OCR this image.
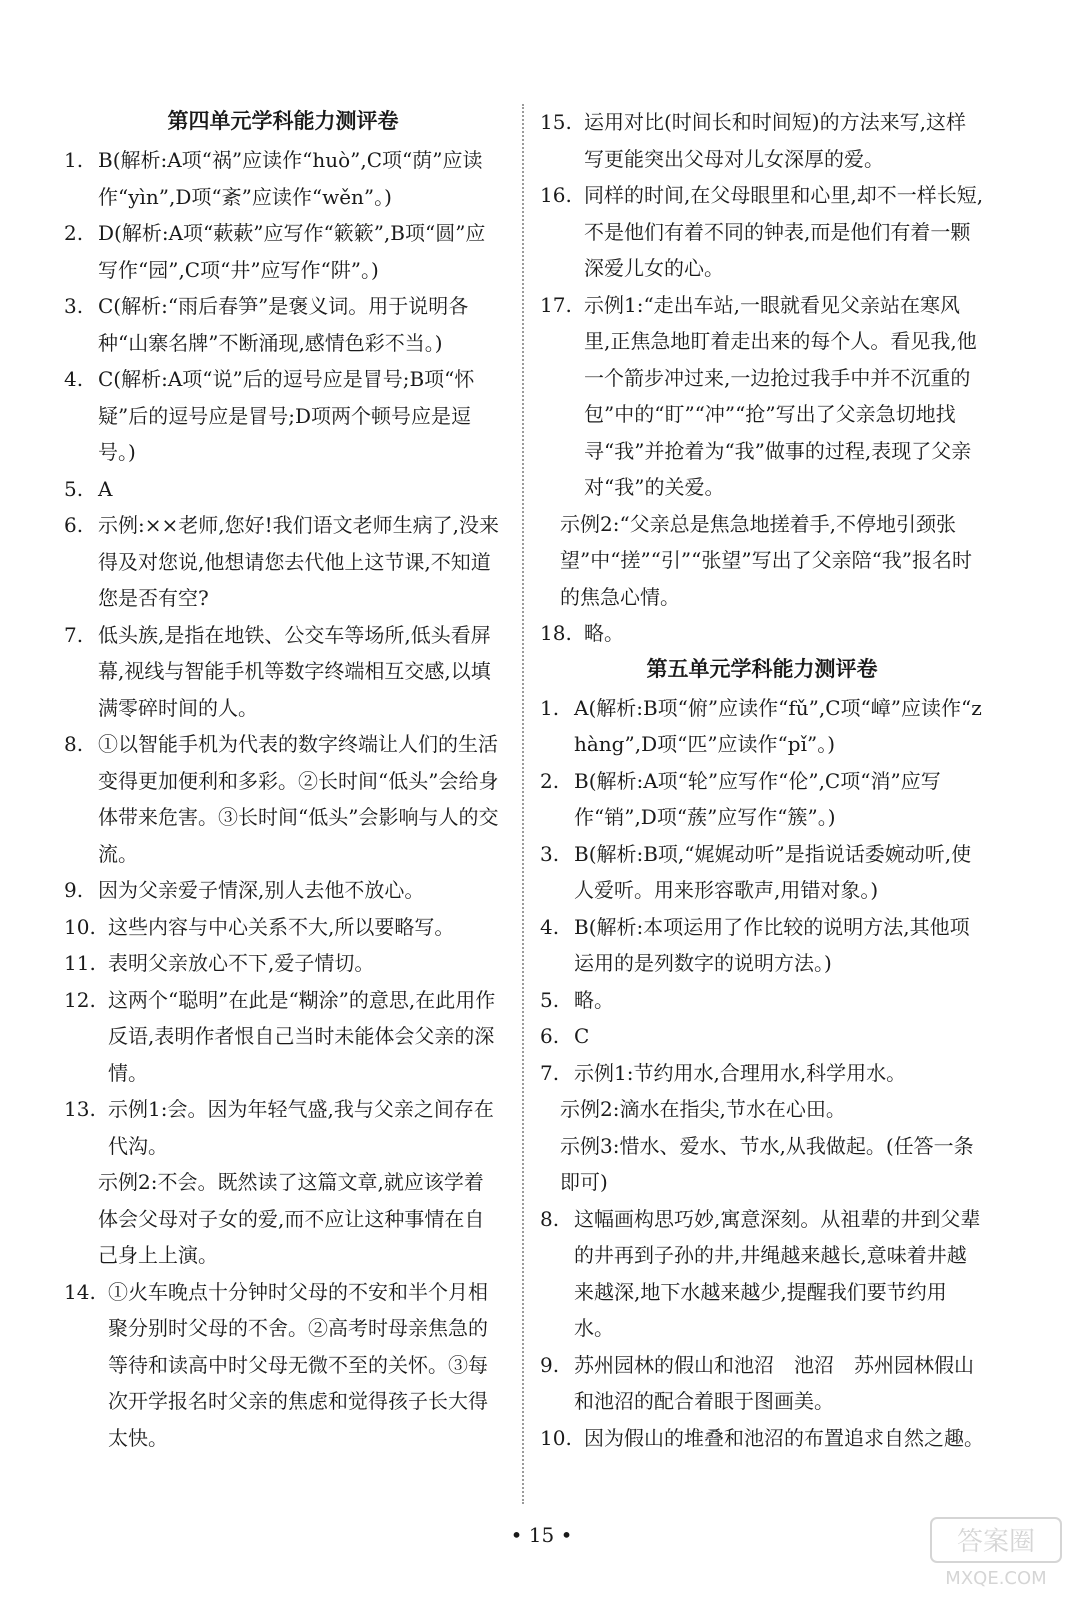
第四单元学科能力测评卷
1. B(解析:A项“祸”应读作“huò”,C项“荫”应读作“yìn”,D项“紊”应读作“wěn”。)
2. D(解析:A项“蔌蔌”应写作“簌簌”,B项“圆”应写作“园”,C项“井”应写作“阱”。)
3. C(解析:“雨后春笋”是褒义词。用于说明各种“山寨名牌”不断涌现,感情色彩不当。)
4. C(解析:A项“说”后的逗号应是冒号;B项“怀疑”后的逗号应是冒号;D项两个顿号应是逗号。)
5. A
6. 示例:××老师,您好!我们语文老师生病了,没来得及对您说,他想请您去代他上这节课,不知道您是否有空?
7. 低头族,是指在地铁、公交车等场所,低头看屏幕,视线与智能手机等数字终端相互交感,以填满零碎时间的人。
8. ①以智能手机为代表的数字终端让人们的生活变得更加便利和多彩。②长时间“低头”会给身体带来危害。③长时间“低头”会影响与人的交流。
9. 因为父亲爱子情深,别人去他不放心。
10. 这些内容与中心关系不大,所以要略写。
11. 表明父亲放心不下,爱子情切。
12. 这两个“聪明”在此是“糊涂”的意思,在此用作反语,表明作者恨自己当时未能体会父亲的深情。
13. 示例1:会。因为年轻气盛,我与父亲之间存在代沟。
示例2:不会。既然读了这篇文章,就应该学着体会父母对子女的爱,而不应让这种事情在自己身上上演。
14. ①火车晚点十分钟时父母的不安和半个月相聚分别时父母的不舍。②高考时母亲焦急的等待和读高中时父母无微不至的关怀。③每次开学报名时父亲的焦虑和觉得孩子长大得太快。
15. 运用对比(时间长和时间短)的方法来写,这样写更能突出父母对儿女深厚的爱。
16. 同样的时间,在父母眼里和心里,却不一样长短,不是他们有着不同的钟表,而是他们有着一颗深爱儿女的心。
17. 示例1:“走出车站,一眼就看见父亲站在寒风里,正焦急地盯着走出来的每个人。看见我,他一个箭步冲过来,一边抢过我手中并不沉重的包”中的“盯”“冲”“抢”写出了父亲急切地找寻“我”并抢着为“我”做事的过程,表现了父亲对“我”的关爱。
示例2:“父亲总是焦急地搓着手,不停地引颈张望”中“搓”“引”“张望”写出了父亲陪“我”报名时的焦急心情。
18. 略。
第五单元学科能力测评卷
1. A(解析:B项“俯”应读作“fǔ”,C项“嶂”应读作“zhàng”,D项“匹”应读作“pǐ”。)
2. B(解析:A项“轮”应写作“伦”,C项“消”应写作“销”,D项“蔟”应写作“簇”。)
3. B(解析:B项,“娓娓动听”是指说话委婉动听,使人爱听。用来形容歌声,用错对象。)
4. B(解析:本项运用了作比较的说明方法,其他项运用的是列数字的说明方法。)
5. 略。
6. C
7. 示例1:节约用水,合理用水,科学用水。
示例2:滴水在指尖,节水在心田。
示例3:惜水、爱水、节水,从我做起。(任答一条即可)
8. 这幅画构思巧妙,寓意深刻。从祖辈的井到父辈的井再到子孙的井,井绳越来越长,意味着井越来越深,地下水越来越少,提醒我们要节约用水。
9. 苏州园林的假山和池沼　池沼　苏州园林假山和池沼的配合着眼于图画美。
10. 因为假山的堆叠和池沼的布置追求自然之趣。
• 15 •	答案圈
MXQE.COM
